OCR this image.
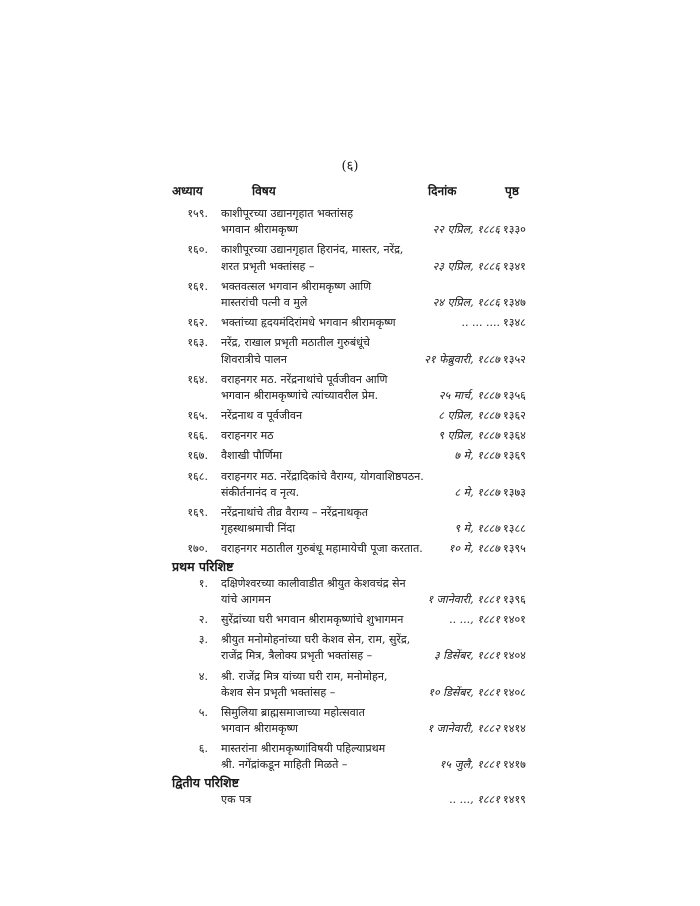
(६)
अध्याय	विषय	दिनांक	पृष्ठ
१५९. काशीपूरच्या उद्यानगृहात भक्तांसह
भगवान श्रीरामकृष्ण	२२ एप्रिल, १८८६ १३३०
१६०. काशीपूरच्या उद्यानगृहात हिरानंद, मास्तर, नरेंद्र,
शरत प्रभृती भक्तांसह –	२३ एप्रिल, १८८६ १३४१
१६१. भक्तवत्सल भगवान श्रीरामकृष्ण आणि
मास्तरांची पत्नी व मुले	२४ एप्रिल, १८८६ १३४७
१६२. भक्तांच्या हृदयमंदिरांमधे भगवान श्रीरामकृष्ण	.. ... .... १३४८
१६३. नरेंद्र, राखाल प्रभृती मठातील गुरुबंधूंचे
शिवरात्रीचे पालन	२१ फेब्रुवारी, १८८७ १३५२
१६४. वराहनगर मठ. नरेंद्रनाथांचे पूर्वजीवन आणि
भगवान श्रीरामकृष्णांचे त्यांच्यावरील प्रेम.	२५ मार्च, १८८७ १३५६
१६५. नरेंद्रनाथ व पूर्वजीवन	८ एप्रिल, १८८७ १३६२
१६६. वराहनगर मठ	९ एप्रिल, १८८७ १३६४
१६७. वैशाखी पौर्णिमा	७ मे, १८८७ १३६९
१६८. वराहनगर मठ. नरेंद्रादिकांचे वैराग्य, योगवाशिष्ठपठन.
संकीर्तनानंद व नृत्य.	८ मे, १८८७ १३७३
१६९. नरेंद्रनाथांचे तीव्र वैराग्य – नरेंद्रनाथकृत
गृहस्थाश्रमाची निंदा	९ मे, १८८७ १३८८
१७०. वराहनगर मठातील गुरुबंधू महामायेची पूजा करतात. १० मे, १८८७ १३९५
प्रथम परिशिष्ट
१. दक्षिणेश्वरच्या कालीवाडीत श्रीयुत केशवचंद्र सेन
यांचे आगमन	१ जानेवारी, १८८१ १३९६
२. सुरेंद्रांच्या घरी भगवान श्रीरामकृष्णांचे शुभागमन	.. ..., १८८१ १४०१
३. श्रीयुत मनोमोहनांच्या घरी केशव सेन, राम, सुरेंद्र,
राजेंद्र मित्र, त्रैलोक्य प्रभृती भक्तांसह –	३ डिसेंबर, १८८१ १४०४
४. श्री. राजेंद्र मित्र यांच्या घरी राम, मनोमोहन,
केशव सेन प्रभृती भक्तांसह –	१० डिसेंबर, १८८१ १४०८
५. सिमुलिया ब्राह्मसमाजाच्या महोत्सवात
भगवान श्रीरामकृष्ण	१ जानेवारी, १८८२ १४१४
६. मास्तरांना श्रीरामकृष्णांविषयी पहिल्याप्रथम
श्री. नगेंद्रांकडून माहिती मिळते –	१५ जुलै, १८८१ १४१७
द्वितीय परिशिष्ट
एक पत्र	.. ..., १८८१ १४१९
